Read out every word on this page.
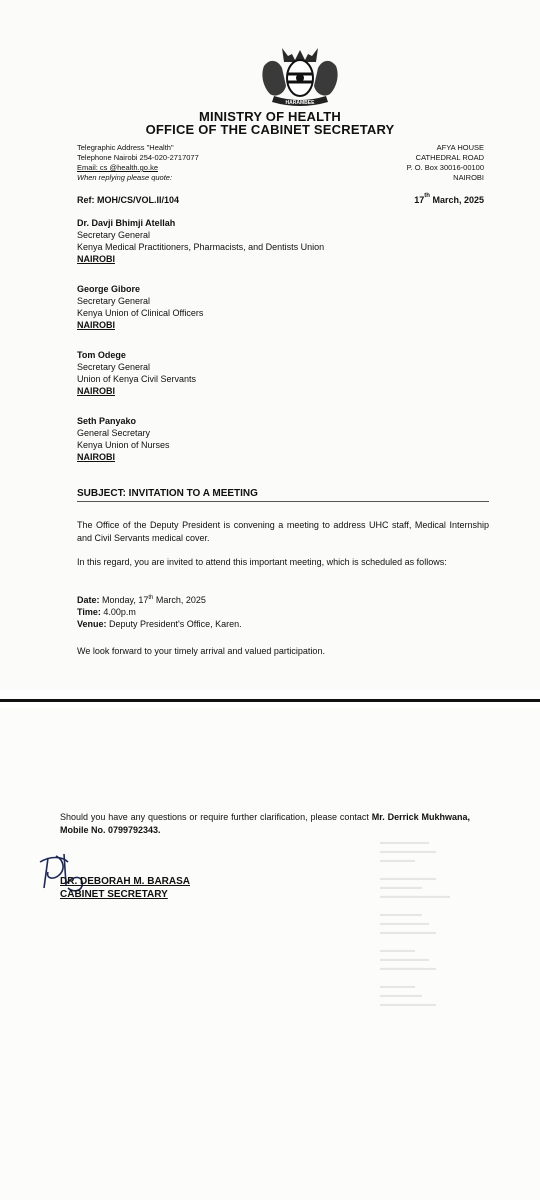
HARAMBEE
MINISTRY OF HEALTH
OFFICE OF THE CABINET SECRETARY
Telegraphic Address "Health"
Telephone Nairobi 254-020-2717077
Email: cs @health.go.ke
When replying please quote:
AFYA HOUSE
CATHEDRAL ROAD
P. O. Box 30016-00100
NAIROBI
Ref: MOH/CS/VOL.II/104	17th March, 2025
Dr. Davji Bhimji Atellah
Secretary General
Kenya Medical Practitioners, Pharmacists, and Dentists Union
NAIROBI
George Gibore
Secretary General
Kenya Union of Clinical Officers
NAIROBI
Tom Odege
Secretary General
Union of Kenya Civil Servants
NAIROBI
Seth Panyako
General Secretary
Kenya Union of Nurses
NAIROBI
SUBJECT: INVITATION TO A MEETING
The Office of the Deputy President is convening a meeting to address UHC staff, Medical Internship and Civil Servants medical cover.
In this regard, you are invited to attend this important meeting, which is scheduled as follows:
Date: Monday, 17th March, 2025
Time: 4.00p.m
Venue: Deputy President's Office, Karen.
We look forward to your timely arrival and valued participation.
▬▬▬▬▬▬▬
▬▬▬▬▬▬▬▬
▬▬▬▬▬

▬▬▬▬▬▬▬▬
▬▬▬▬▬▬
▬▬▬▬▬▬▬▬▬▬

▬▬▬▬▬▬
▬▬▬▬▬▬▬
▬▬▬▬▬▬▬▬

▬▬▬▬▬
▬▬▬▬▬▬▬
▬▬▬▬▬▬▬▬

▬▬▬▬▬
▬▬▬▬▬▬
▬▬▬▬▬▬▬▬
Should you have any questions or require further clarification, please contact Mr. Derrick Mukhwana, Mobile No. 0799792343.
DR. DEBORAH M. BARASA
CABINET SECRETARY
